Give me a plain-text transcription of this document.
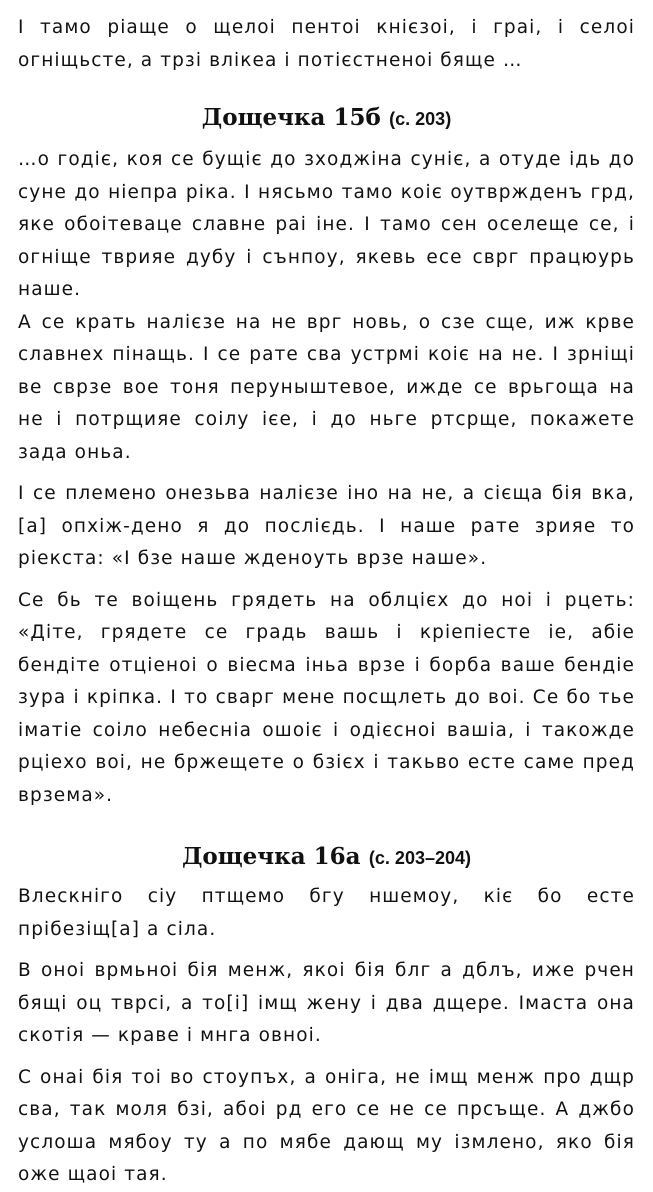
І тамо ріаще о щелоі пентоі кнієзоі, і граі, і селоі огніщьсте, а трзі влікеа і потієстненоі бяще …

Дощечка 15б (с. 203)

…о годіє, коя се бущіє до зходжіна суніє, а отуде ідь до суне до ніепра ріка. І нясьмо тамо коіє оутвржденъ грд, яке обоітеваце славне раі іне. І тамо сен оселеще се, і огніще тврияе дубу і сънпоу, якевь есе сврг працюурь наше.

А се крать налієзе на не врг новь, о сзе сще, иж крве славнех пінащь. І се рате сва устрмі коіє на не. І зрніщі ве сврзе вое тоня перуныштевое, ижде се врьгоща на не і потрщияе соілу ієе, і до ньге ртсрще, покажете зада оньа.

І се племено онезьва налієзе іно на не, а сієща бія вка, [а] опхіж-дено я до послієдь. І наше рате зрияе то ріекста: «І бзе наше жденоуть врзе наше».

Се бь те воіщень грядеть на облцієх до ноі і рцеть: «Діте, грядете се градь вашь і кріепіесте іе, абіе бендіте отціеноі о віесма іньа врзе і борба ваше бендіе зура і кріпка. І то сварг мене посщлеть до воі. Се бо тье іматіе соіло небесніа ошоіє і одієсноі вашіа, і такожде рціехо воі, не бржещете о бзієх і такьво есте саме пред врзема».

Дощечка 16а (с. 203–204)

Влескніго сіу птщемо бгу ншемоу, кіє бо есте прібезіщ[а] а сіла.

В оноі врмьноі бія менж, якоі бія блг а дблъ, иже рчен бящі оц тврсі, а то[і] імщ жену і два дщере. Імаста она скотія — краве і мнга овноі.

С онаі бія тоі во стоупъх, а оніга, не імщ менж про дщр сва, так моля бзі, абоі рд его се не се прсъще. А джбо услоша мябоу ту а по мябе дающ му ізмлено, яко бія оже щаоі тая.
